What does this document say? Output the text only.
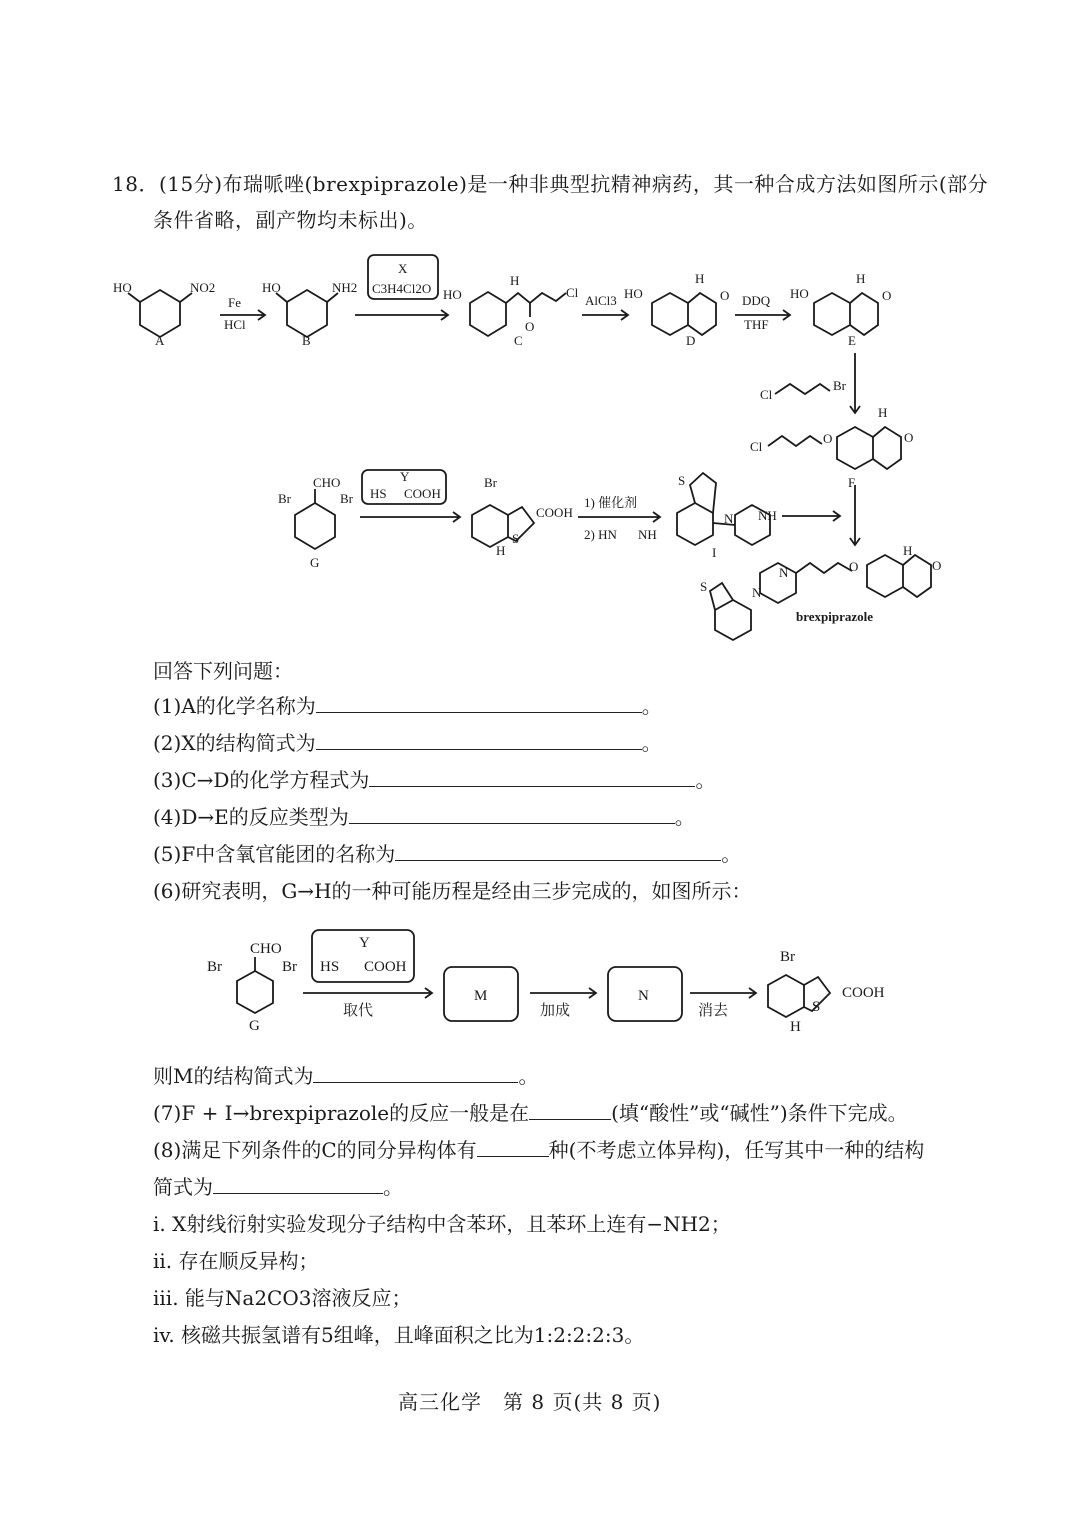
18．(15分)布瑞哌唑(brexpiprazole)是一种非典型抗精神病药，其一种合成方法如图所示(部分
条件省略，副产物均未标出)。
HO	NO2
A
Fe
HCl
HO	NH2
B
X
C3H4Cl2O HO
H
Cl
O
C
AlCl3 HO
H
O
D
DDQ
THF
HO
H
O
E
Cl
Br
Cl
O
H
O
F
CHO
Br	Br
G
Y
HS COOH
Br
S
COOH
H
1) 催化剂
2) HN NH
S
N NH
I
S	N
N	O
H
O
brexpiprazole
回答下列问题：
(1)A的化学名称为	。
(2)X的结构简式为	。
(3)C→D的化学方程式为	。
(4)D→E的反应类型为	。
(5)F中含氧官能团的名称为	。
(6)研究表明，G→H的一种可能历程是经由三步完成的，如图所示：
CHO
Br	Br
G
Y
HS COOH
取代
M
加成
N
消去
Br
S
COOH
H
则M的结构简式为	。
(7)F + I→brexpiprazole的反应一般是在	(填“酸性”或“碱性”)条件下完成。
(8)满足下列条件的C的同分异构体有	种(不考虑立体异构)，任写其中一种的结构
简式为	。
i. X射线衍射实验发现分子结构中含苯环，且苯环上连有−NH2；
ii. 存在顺反异构；
iii. 能与Na2CO3溶液反应；
iv. 核磁共振氢谱有5组峰，且峰面积之比为1:2:2:2:3。
高三化学　第 8 页(共 8 页)
